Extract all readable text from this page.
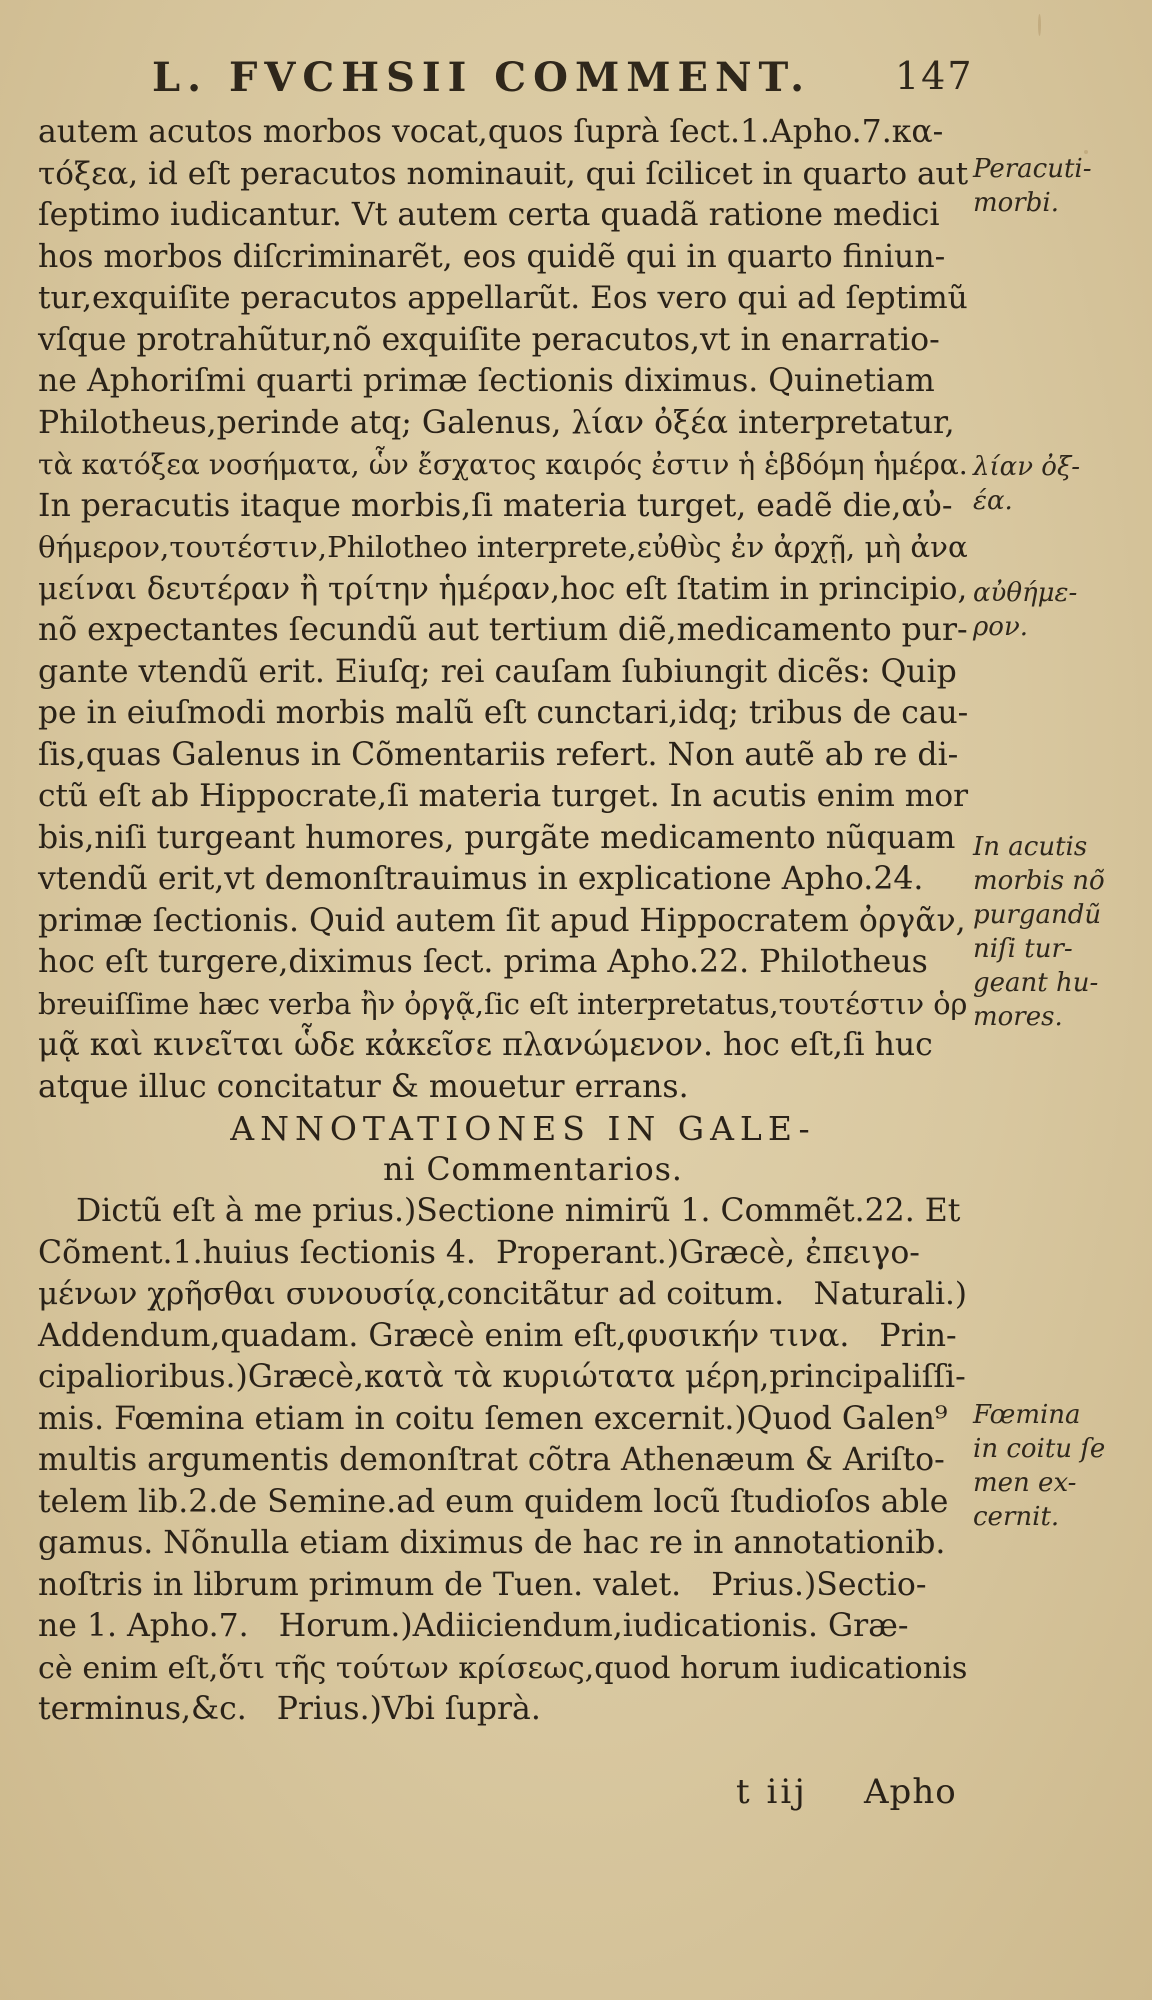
L. FVCHSII COMMENT. 147
autem acutos morbos vocat,quos ſuprà ſect.1.Apho.7.κα-
τόξεα, id eſt peracutos nominauit, qui ſcilicet in quarto aut
ſeptimo iudicantur. Vt autem certa quadã ratione medici
hos morbos diſcriminarẽt, eos quidẽ qui in quarto finiun-
tur,exquiſite peracutos appellarũt. Eos vero qui ad ſeptimũ
vſque protrahũtur,nõ exquiſite peracutos,vt in enarratio-
ne Aphoriſmi quarti primæ ſectionis diximus. Quinetiam
Philotheus,perinde atq; Galenus, λίαν ὀξέα interpretatur,
τὰ κατόξεα νοσήματα, ὧν ἔσχατος καιρός ἐστιν ἡ ἑβδόμη ἡμέρα.
In peracutis itaque morbis,ſi materia turget, eadẽ die,αὐ-
θήμερον,τουτέστιν,Philotheo interprete,εὐθὺς ἐν ἀρχῇ, μὴ ἀνα
μείναι δευτέραν ἢ τρίτην ἡμέραν,hoc eſt ſtatim in principio,
nõ expectantes ſecundũ aut tertium diẽ,medicamento pur-
gante vtendũ erit. Eiuſq; rei cauſam ſubiungit dicẽs: Quip
pe in eiuſmodi morbis malũ eſt cunctari,idq; tribus de cau-
ſis,quas Galenus in Cõmentariis refert. Non autẽ ab re di-
ctũ eſt ab Hippocrate,ſi materia turget. In acutis enim mor
bis,niſi turgeant humores, purgãte medicamento nũquam
vtendũ erit,vt demonſtrauimus in explicatione Apho.24.
primæ ſectionis. Quid autem ſit apud Hippocratem ὀργᾶν,
hoc eſt turgere,diximus ſect. prima Apho.22. Philotheus
breuiſſime hæc verba ἢν ὀργᾷ,ſic eſt interpretatus,τουτέστιν ὁρ
μᾷ καὶ κινεῖται ὧδε κἀκεῖσε πλανώμενον. hoc eſt,ſi huc
atque illuc concitatur & mouetur errans.
ANNOTATIONES IN GALE-
ni Commentarios.
Dictũ eſt à me prius.)Sectione nimirũ 1. Commẽt.22. Et
Cõment.1.huius ſectionis 4.  Properant.)Græcè, ἐπειγο-
μένων χρῆσθαι συνουσίᾳ,concitãtur ad coitum.   Naturali.)
Addendum,quadam. Græcè enim eſt,φυσικήν τινα.   Prin-
cipalioribus.)Græcè,κατὰ τὰ κυριώτατα μέρη,principaliſſi-
mis. Fœmina etiam in coitu ſemen excernit.)Quod Galen⁹
multis argumentis demonſtrat cõtra Athenæum & Ariſto-
telem lib.2.de Semine.ad eum quidem locũ ſtudioſos able
gamus. Nõnulla etiam diximus de hac re in annotationib.
noſtris in librum primum de Tuen. valet.   Prius.)Sectio-
ne 1. Apho.7.   Horum.)Adiiciendum,iudicationis. Græ-
cè enim eſt,ὅτι τῆς τούτων κρίσεως,quod horum iudicationis
terminus,&c.   Prius.)Vbi ſuprà.
Peracuti-
morbi.
λίαν ὀξ-
έα.
αὐθήμε-
ρον.
In acutis
morbis nõ
purgandũ
niſi tur-
geant hu-
mores.
Fœmina
in coitu ſe
men ex-
cernit.
t iij Apho
